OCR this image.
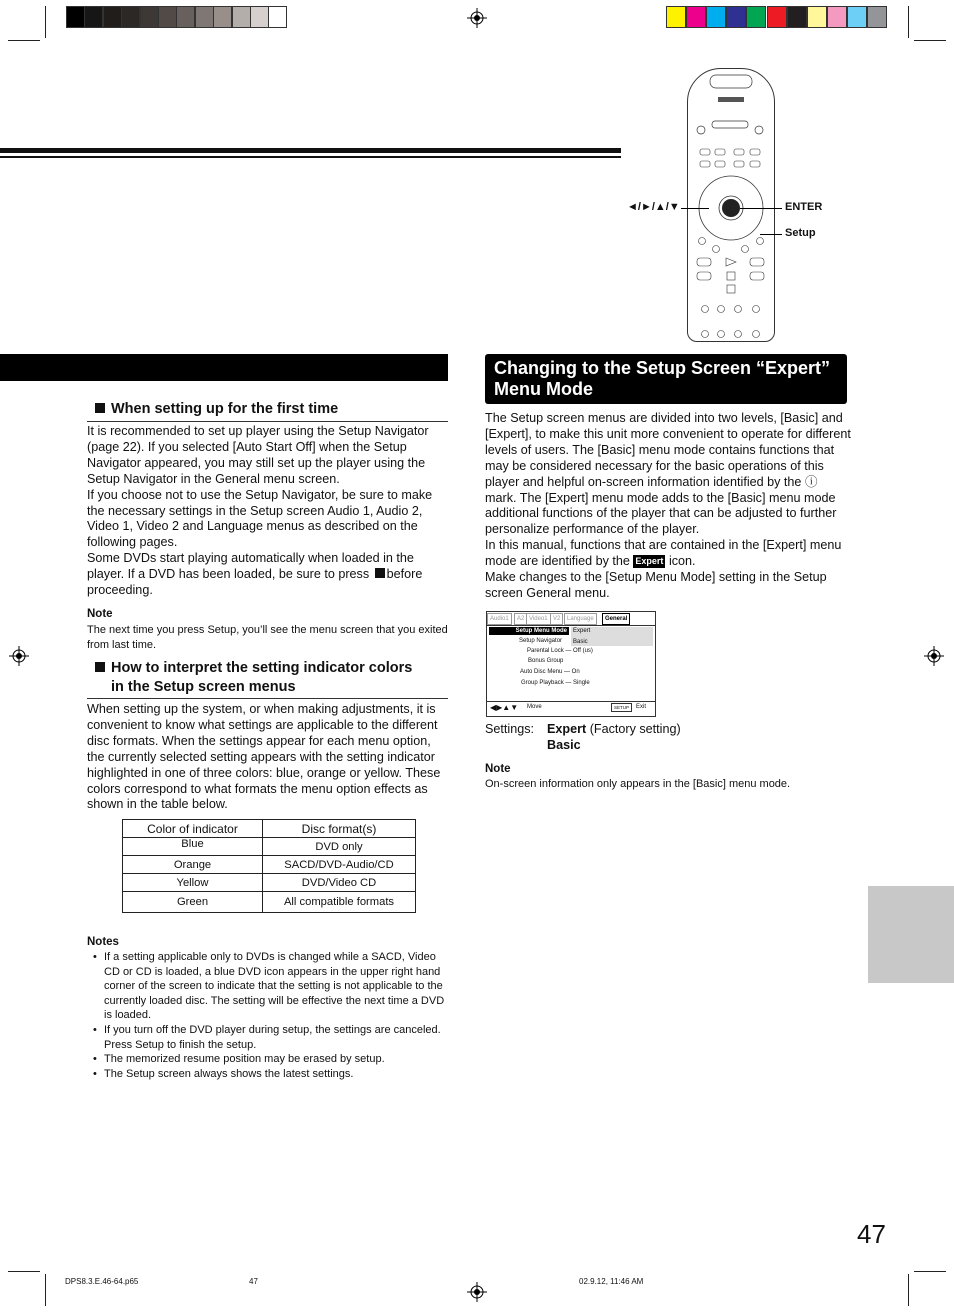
◄/►/▲/▼	ENTER
Setup
When setting up for the first time
It is recommended to set up player using the Setup Navigator (page 22). If you selected [Auto Start Off] when the Setup Navigator appeared, you may still set up the player using the Setup Navigator in the General menu screen.
If you choose not to use the Setup Navigator, be sure to make the necessary settings in the Setup screen Audio 1, Audio 2, Video 1, Video 2 and Language menus as described on the following pages.
Some DVDs start playing automatically when loaded in the player. If a DVD has been loaded, be sure to press before proceeding.
Note
The next time you press Setup, you’ll see the menu screen that you exited from last time.
How to interpret the setting indicator colors
in the Setup screen menus
When setting up the system, or when making adjustments, it is convenient to know what settings are applicable to the different disc formats. When the settings appear for each menu option, the currently selected setting appears with the setting indicator highlighted in one of three colors: blue, orange or yellow. These colors correspond to what formats the menu option effects as shown in the table below.
Color of indicator	Disc format(s)
Blue	DVD only
Orange	SACD/DVD-Audio/CD
Yellow	DVD/Video CD
Green	All compatible formats
Notes
• If a setting applicable only to DVDs is changed while a SACD, Video CD or CD is loaded, a blue DVD icon appears in the upper right hand corner of the screen to indicate that the setting is not applicable to the currently loaded disc. The setting will be effective the next time a DVD is loaded.
• If you turn off the DVD player during setup, the settings are canceled. Press Setup to finish the setup.
• The memorized resume position may be erased by setup.
• The Setup screen always shows the latest settings.
Changing to the Setup Screen “Expert”
Menu Mode
The Setup screen menus are divided into two levels, [Basic] and [Expert], to make this unit more convenient to operate for different levels of users. The [Basic] menu mode contains functions that may be considered necessary for the basic operations of this player and helpful on-screen information identified by the ⓘ mark. The [Expert] menu mode adds to the [Basic] menu mode additional functions of the player that can be adjusted to further personalize performance of the player.
In this manual, functions that are contained in the [Expert] menu mode are identified by the Expert icon.
Make changes to the [Setup Menu Mode] setting in the Setup screen General menu.
Audio1	A2 Video1 V2	Language	General
Setup Menu Mode	Expert
Basic
Setup Navigator
Parental Lock — Off (us)
Bonus Group
Auto Disc Menu — On
Group Playback — Single
◀▶▲▼ Move	SETUP	Exit
Settings: Expert (Factory setting)
Basic
Note
On-screen information only appears in the [Basic] menu mode.
47
DPS8.3.E.46-64.p65	47	02.9.12, 11:46 AM
